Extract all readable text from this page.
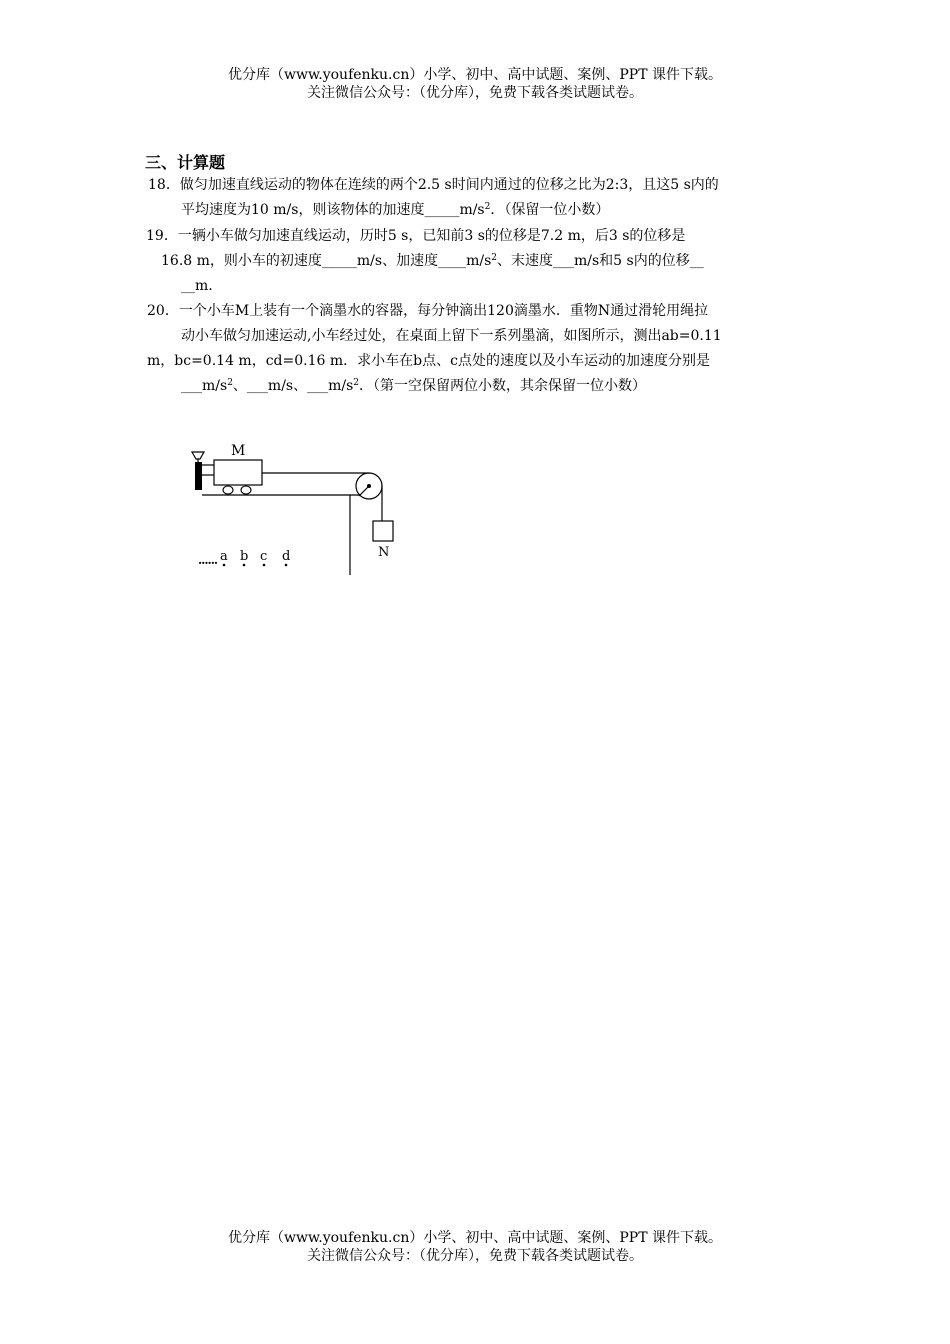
优分库（www.youfenku.cn）小学、初中、高中试题、案例、PPT 课件下载。
关注微信公众号：（优分库），免费下载各类试题试卷。
三、计算题
18．做匀加速直线运动的物体在连续的两个2.5 s时间内通过的位移之比为2:3，且这5 s内的
平均速度为10 m/s，则该物体的加速度$\_\_\_\_\_m/s^2$．（保留一位小数）
19．一辆小车做匀加速直线运动，历时5 s，已知前3 s的位移是7.2 m，后3 s的位移是
16.8 m，则小车的初速度_____m/s、加速度$\_\_\_\_m/s^2$、末速度___m/s和5 s内的位移__
__m.
20．一个小车M上装有一个滴墨水的容器，每分钟滴出120滴墨水．重物N通过滑轮用绳拉
动小车做匀加速运动,小车经过处，在桌面上留下一系列墨滴，如图所示，测出ab=0.11
m，bc=0.14 m，cd=0.16 m．求小车在b点、c点处的速度以及小车运动的加速度分别是
$\_\_\_m/s^2$、___m/s、$\_\_\_m/s^2$．（第一空保留两位小数，其余保留一位小数）
M
N
...... a b c d
优分库（www.youfenku.cn）小学、初中、高中试题、案例、PPT 课件下载。
关注微信公众号：（优分库），免费下载各类试题试卷。
